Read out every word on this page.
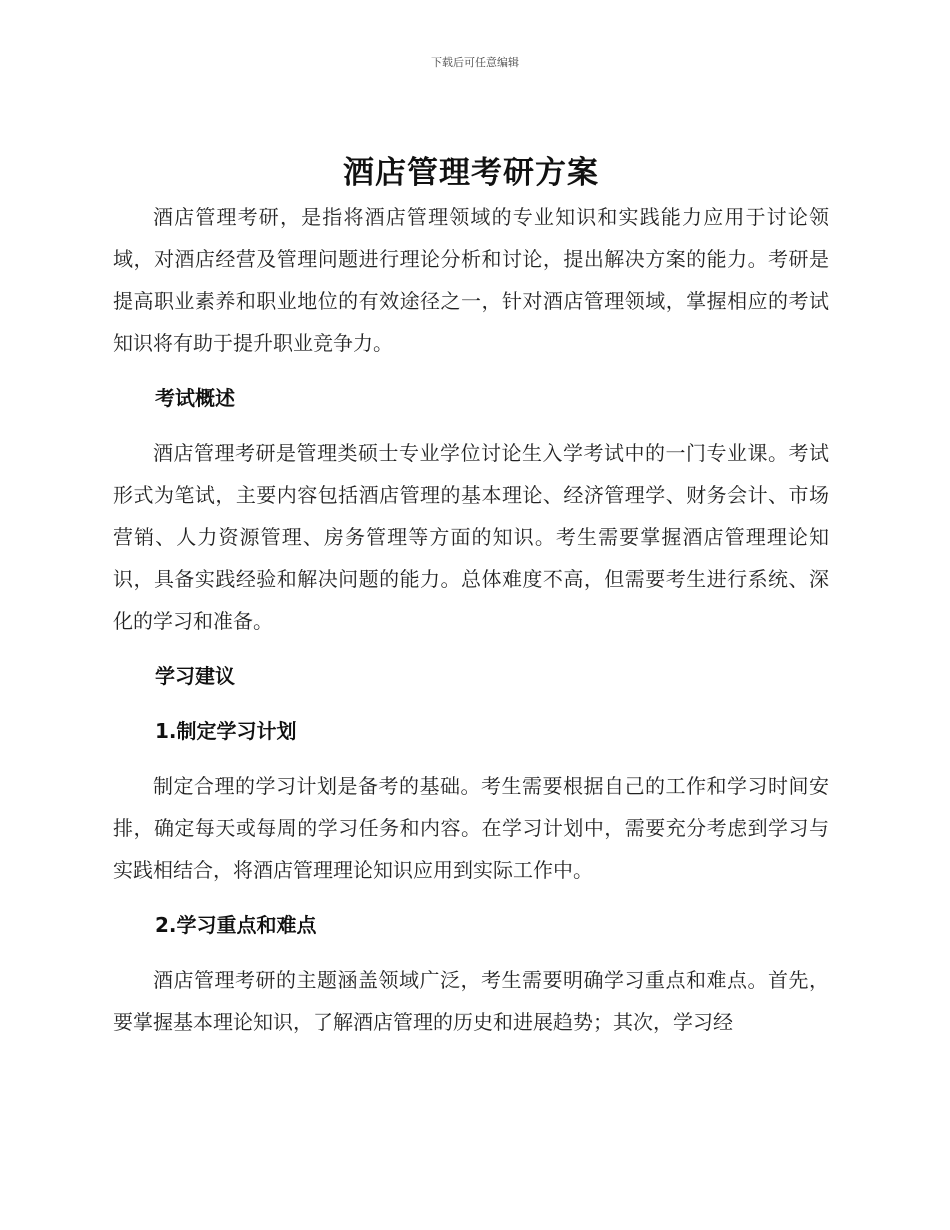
下载后可任意编辑
酒店管理考研方案

酒店管理考研，是指将酒店管理领域的专业知识和实践能力应用于讨论领域，对酒店经营及管理问题进行理论分析和讨论，提出解决方案的能力。考研是提高职业素养和职业地位的有效途径之一，针对酒店管理领域，掌握相应的考试知识将有助于提升职业竞争力。

考试概述

酒店管理考研是管理类硕士专业学位讨论生入学考试中的一门专业课。考试形式为笔试，主要内容包括酒店管理的基本理论、经济管理学、财务会计、市场营销、人力资源管理、房务管理等方面的知识。考生需要掌握酒店管理理论知识，具备实践经验和解决问题的能力。总体难度不高，但需要考生进行系统、深化的学习和准备。

学习建议
1.制定学习计划

制定合理的学习计划是备考的基础。考生需要根据自己的工作和学习时间安排，确定每天或每周的学习任务和内容。在学习计划中，需要充分考虑到学习与实践相结合，将酒店管理理论知识应用到实际工作中。

2.学习重点和难点

酒店管理考研的主题涵盖领域广泛，考生需要明确学习重点和难点。首先，要掌握基本理论知识，了解酒店管理的历史和进展趋势；其次，学习经
